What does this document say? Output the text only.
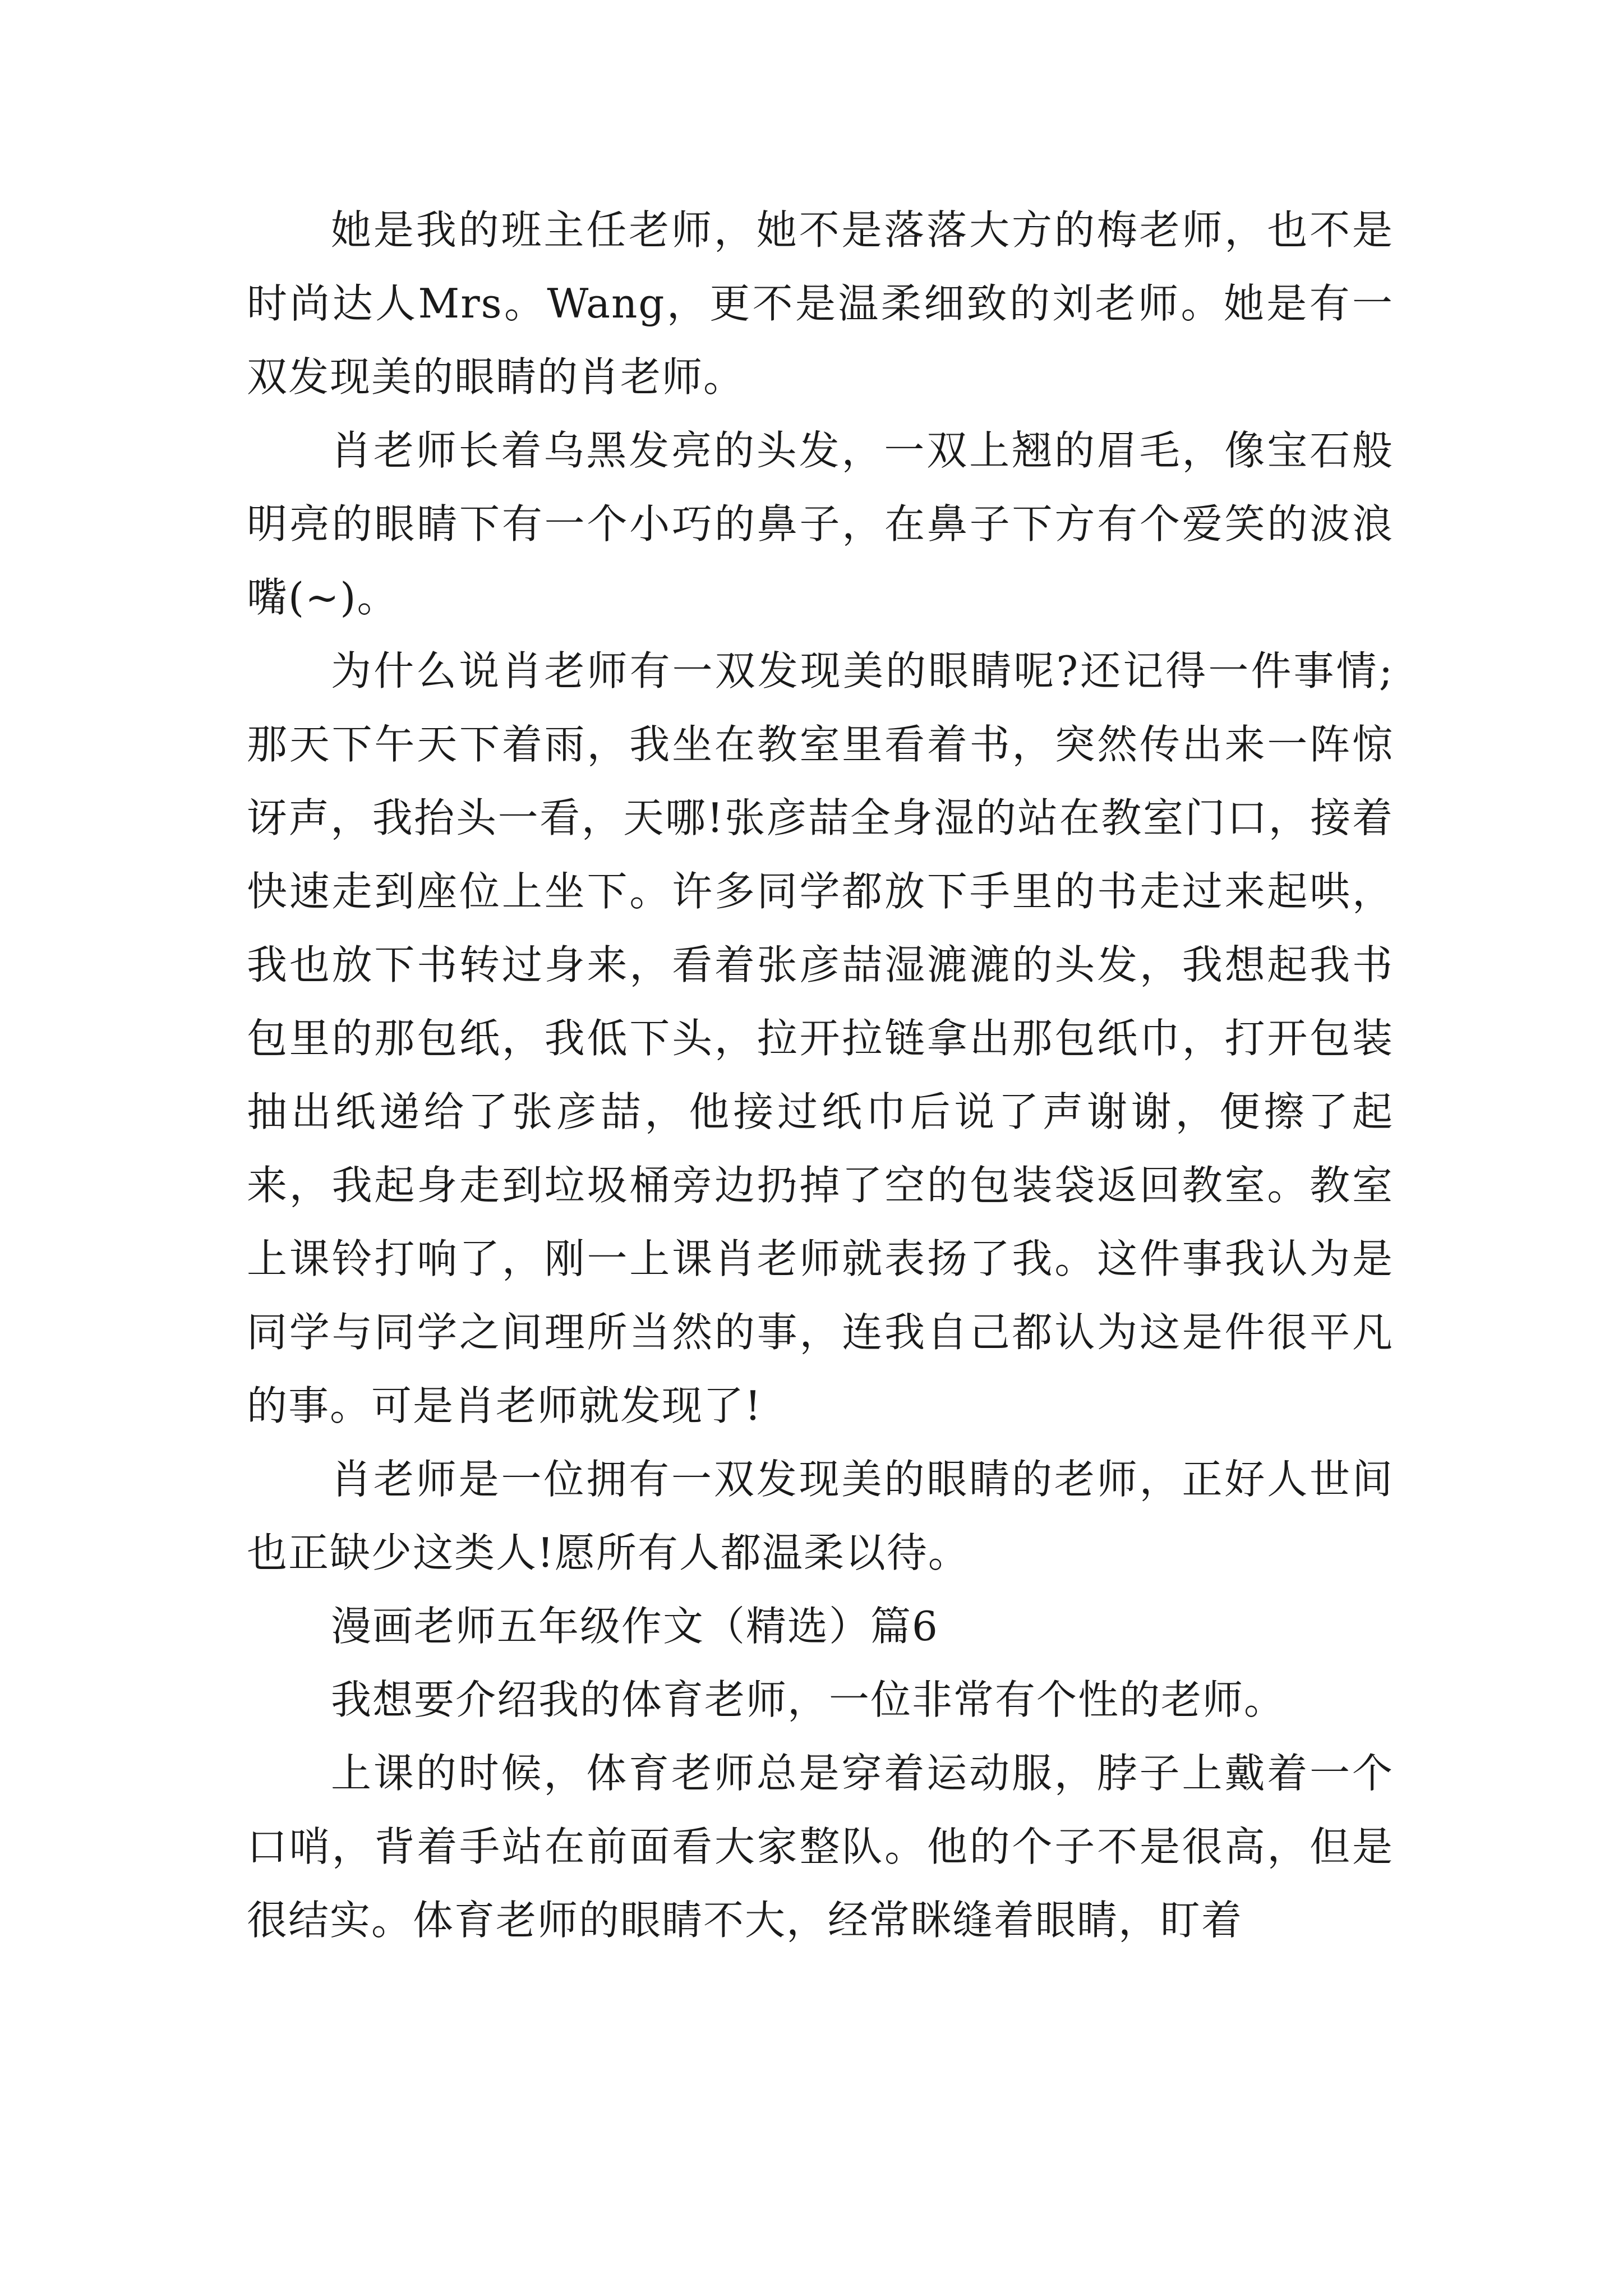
她是我的班主任老师，她不是落落大方的梅老师，也不是时尚达人Mrs。Wang，更不是温柔细致的刘老师。她是有一双发现美的眼睛的肖老师。

肖老师长着乌黑发亮的头发，一双上翘的眉毛，像宝石般明亮的眼睛下有一个小巧的鼻子，在鼻子下方有个爱笑的波浪嘴(~)。

为什么说肖老师有一双发现美的眼睛呢?还记得一件事情;那天下午天下着雨，我坐在教室里看着书，突然传出来一阵惊讶声，我抬头一看，天哪!张彦喆全身湿的站在教室门口，接着快速走到座位上坐下。许多同学都放下手里的书走过来起哄，我也放下书转过身来，看着张彦喆湿漉漉的头发，我想起我书包里的那包纸，我低下头，拉开拉链拿出那包纸巾，打开包装抽出纸递给了张彦喆，他接过纸巾后说了声谢谢，便擦了起来，我起身走到垃圾桶旁边扔掉了空的包装袋返回教室。教室上课铃打响了，刚一上课肖老师就表扬了我。这件事我认为是同学与同学之间理所当然的事，连我自己都认为这是件很平凡的事。可是肖老师就发现了!

肖老师是一位拥有一双发现美的眼睛的老师，正好人世间也正缺少这类人!愿所有人都温柔以待。

漫画老师五年级作文（精选）篇6

我想要介绍我的体育老师，一位非常有个性的老师。

上课的时候，体育老师总是穿着运动服，脖子上戴着一个口哨，背着手站在前面看大家整队。他的个子不是很高，但是很结实。体育老师的眼睛不大，经常眯缝着眼睛，盯着
